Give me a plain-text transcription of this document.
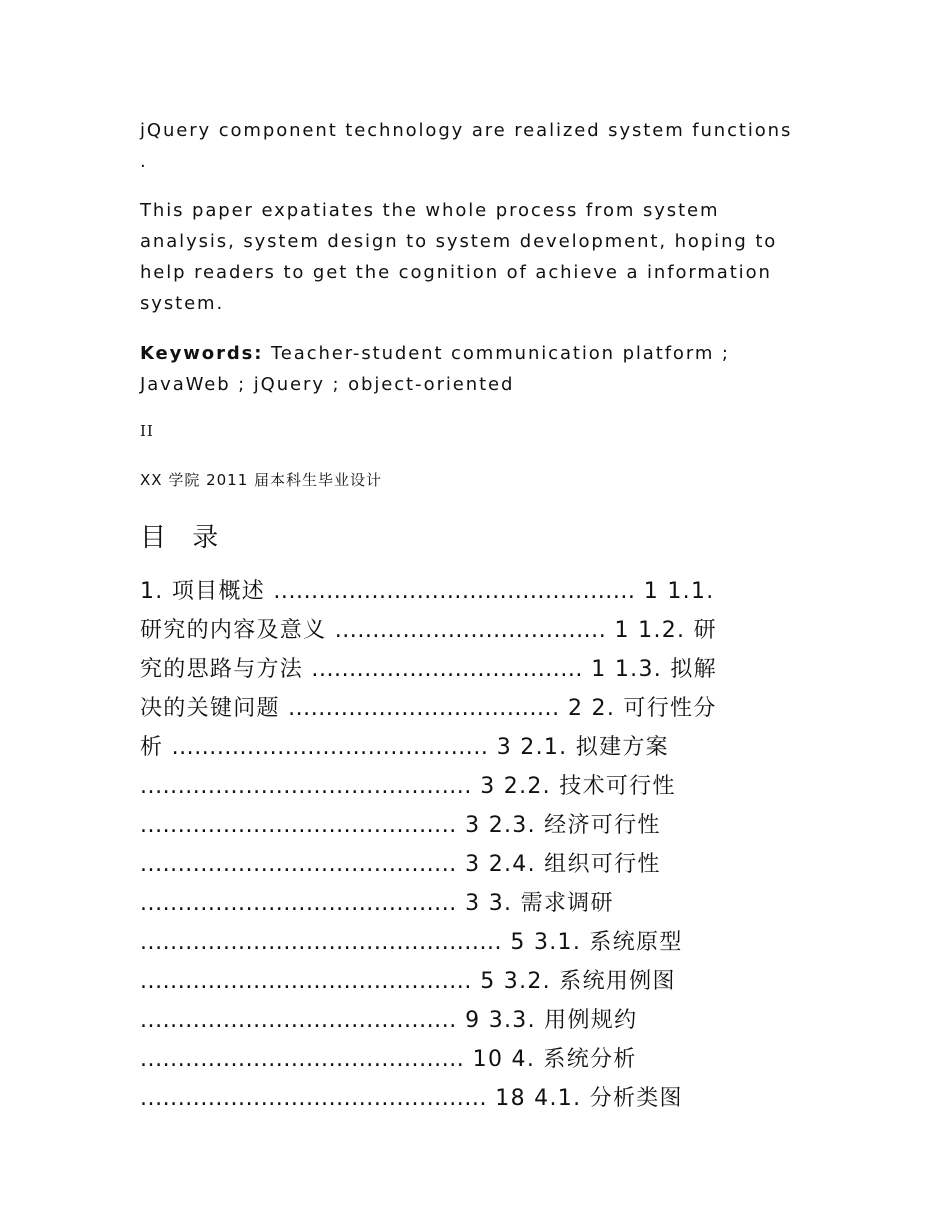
jQuery component technology are realized system functions
.
This paper expatiates the whole process from system
analysis, system design to system development, hoping to
help readers to get the cognition of achieve a information
system.
Keywords: Teacher-student communication platform ;
JavaWeb ; jQuery ; object-oriented
II
XX 学院 2011 届本科生毕业设计
目 录
1. 项目概述 ................................................ 1 1.1.
研究的内容及意义 .................................... 1 1.2. 研
究的思路与方法 .................................... 1 1.3. 拟解
决的关键问题 .................................... 2 2. 可行性分
析 .......................................... 3 2.1. 拟建方案
............................................ 3 2.2. 技术可行性
.......................................... 3 2.3. 经济可行性
.......................................... 3 2.4. 组织可行性
.......................................... 3 3. 需求调研
................................................ 5 3.1. 系统原型
............................................ 5 3.2. 系统用例图
.......................................... 9 3.3. 用例规约
........................................... 10 4. 系统分析
.............................................. 18 4.1. 分析类图
